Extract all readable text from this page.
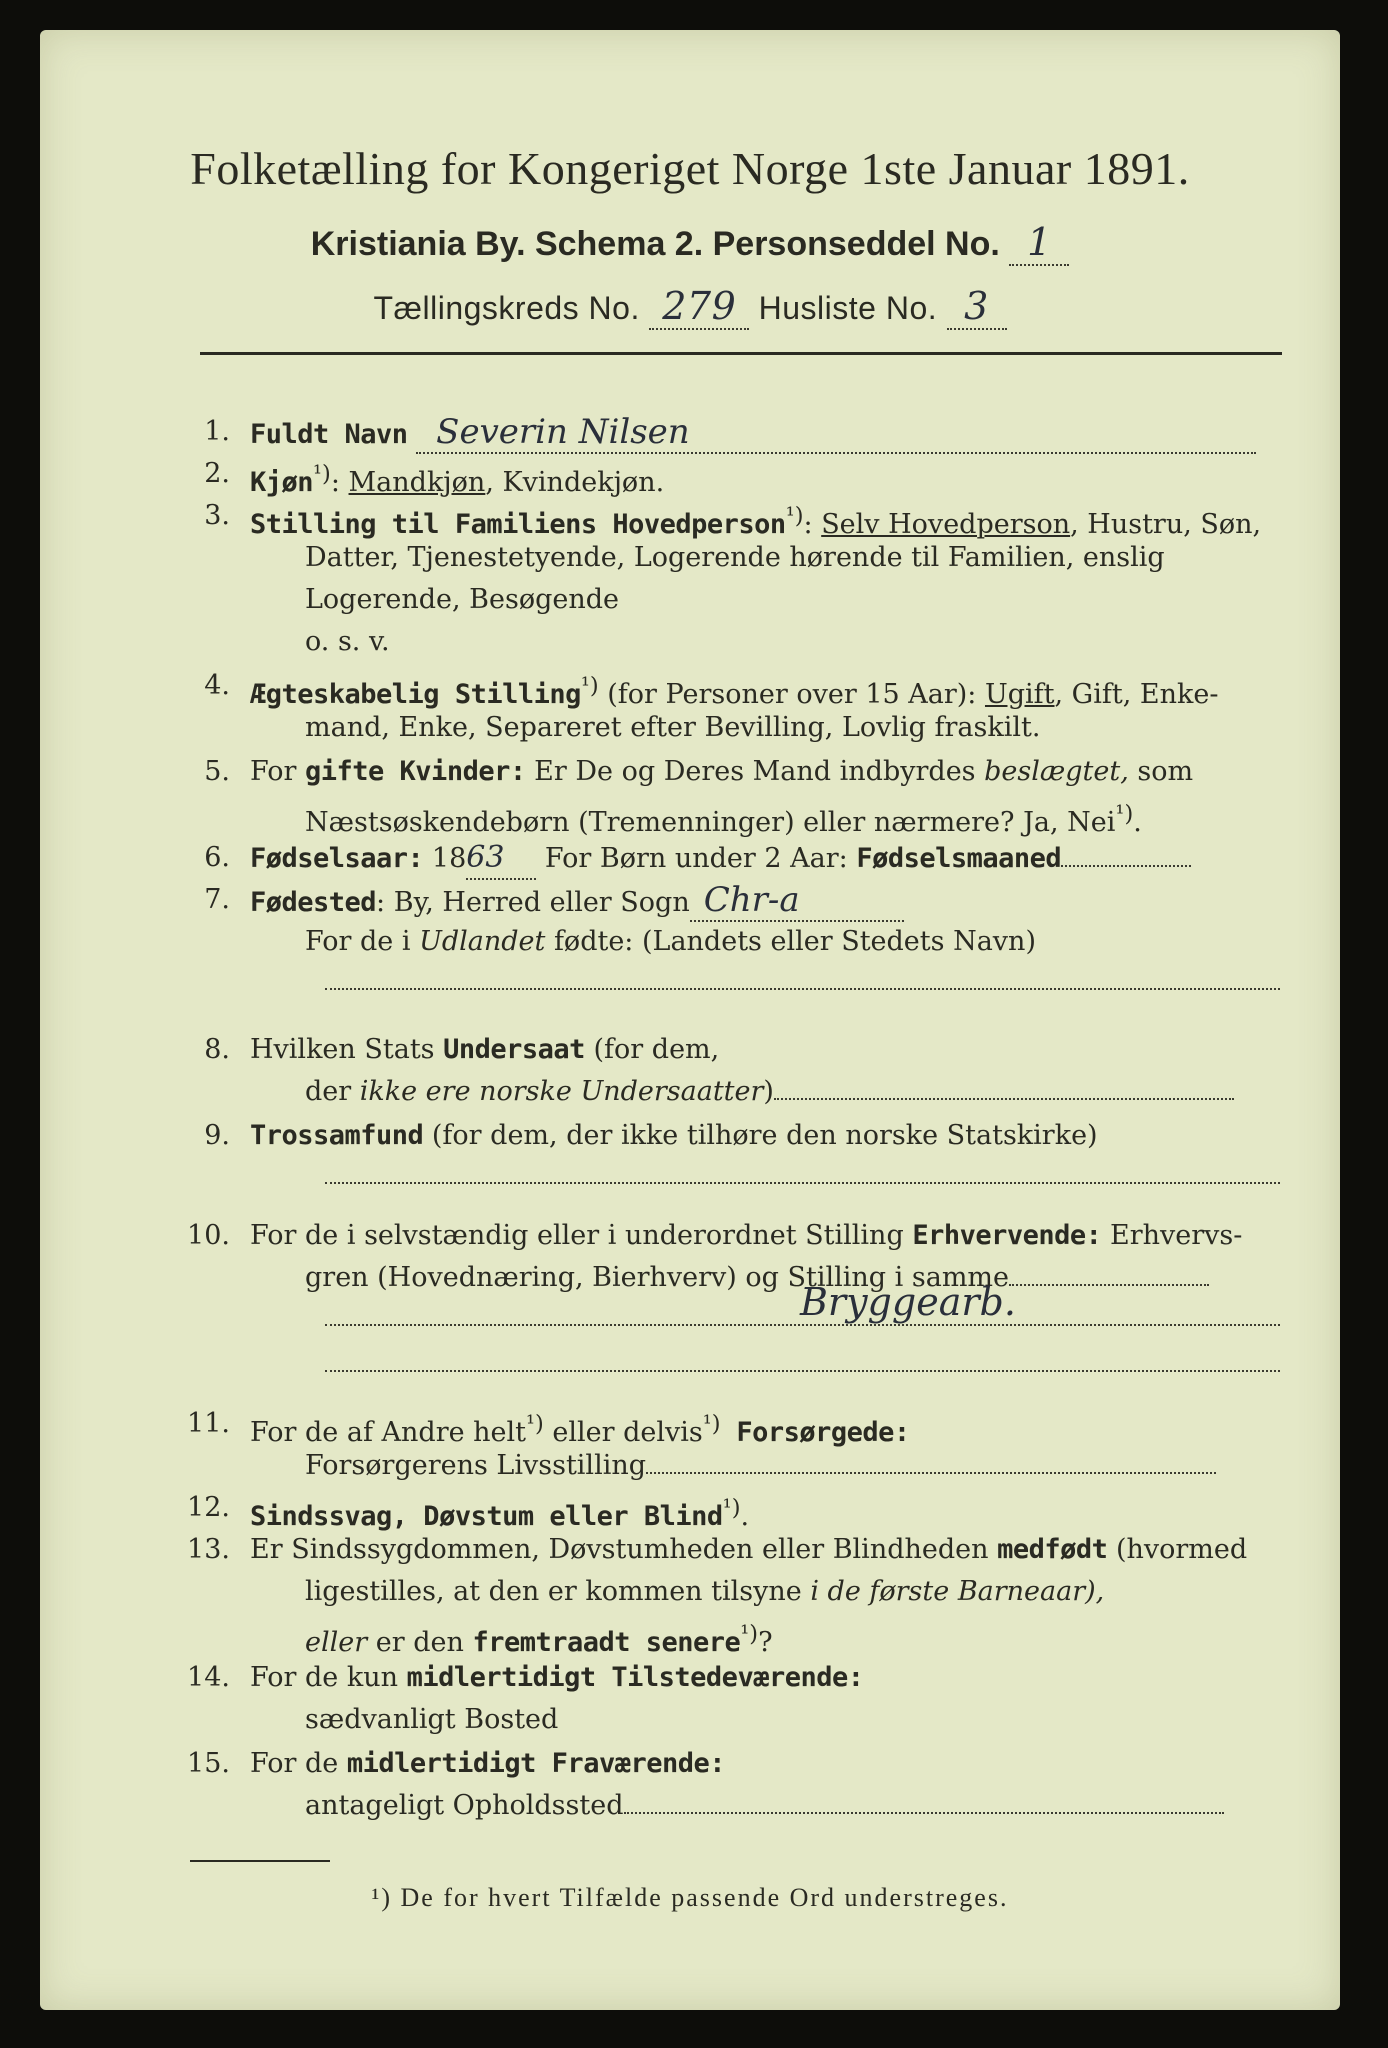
Folketælling for Kongeriget Norge 1ste Januar 1891.
Kristiania By. Schema 2. Personseddel No. 1
Tællingskreds No. 279 Husliste No. 3
1. Fuldt Navn Severin Nilsen
2. Kjøn$^{^1)}$: Mandkjøn, Kvindekjøn.
3. Stilling til Familiens Hovedperson$^{^1)}$: Selv Hovedperson, Hustru, Søn,
Datter, Tjenestetyende, Logerende hørende til Familien, enslig
Logerende, Besøgende
o. s. v.
4. Ægteskabelig Stilling$^{^1)}$ (for Personer over 15 Aar): Ugift, Gift, Enke-
mand, Enke, Separeret efter Bevilling, Lovlig fraskilt.
5. For gifte Kvinder: Er De og Deres Mand indbyrdes beslægtet, som
Næstsøskendebørn (Tremenninger) eller nærmere? Ja, Nei$^{^1)}$.
6. Fødselsaar: 1863 For Børn under 2 Aar: Fødselsmaaned
7. Fødested: By, Herred eller Sogn Chr-a
For de i Udlandet fødte: (Landets eller Stedets Navn)
8. Hvilken Stats Undersaat (for dem,
der ikke ere norske Undersaatter)
9. Trossamfund (for dem, der ikke tilhøre den norske Statskirke)
10. For de i selvstændig eller i underordnet Stilling Erhvervende: Erhvervs-
gren (Hovednæring, Bierhverv) og Stilling i samme
Bryggearb.
11. For de af Andre helt$^{^1)}$ eller delvis$^{^1)}$ Forsørgede:
Forsørgerens Livsstilling
12. Sindssvag, Døvstum eller Blind$^{^1)}$.
13. Er Sindssygdommen, Døvstumheden eller Blindheden medfødt (hvormed
ligestilles, at den er kommen tilsyne i de første Barneaar),
eller er den fremtraadt senere$^{^1)}$?
14. For de kun midlertidigt Tilstedeværende:
sædvanligt Bosted
15. For de midlertidigt Fraværende:
antageligt Opholdssted
¹) De for hvert Tilfælde passende Ord understreges.
